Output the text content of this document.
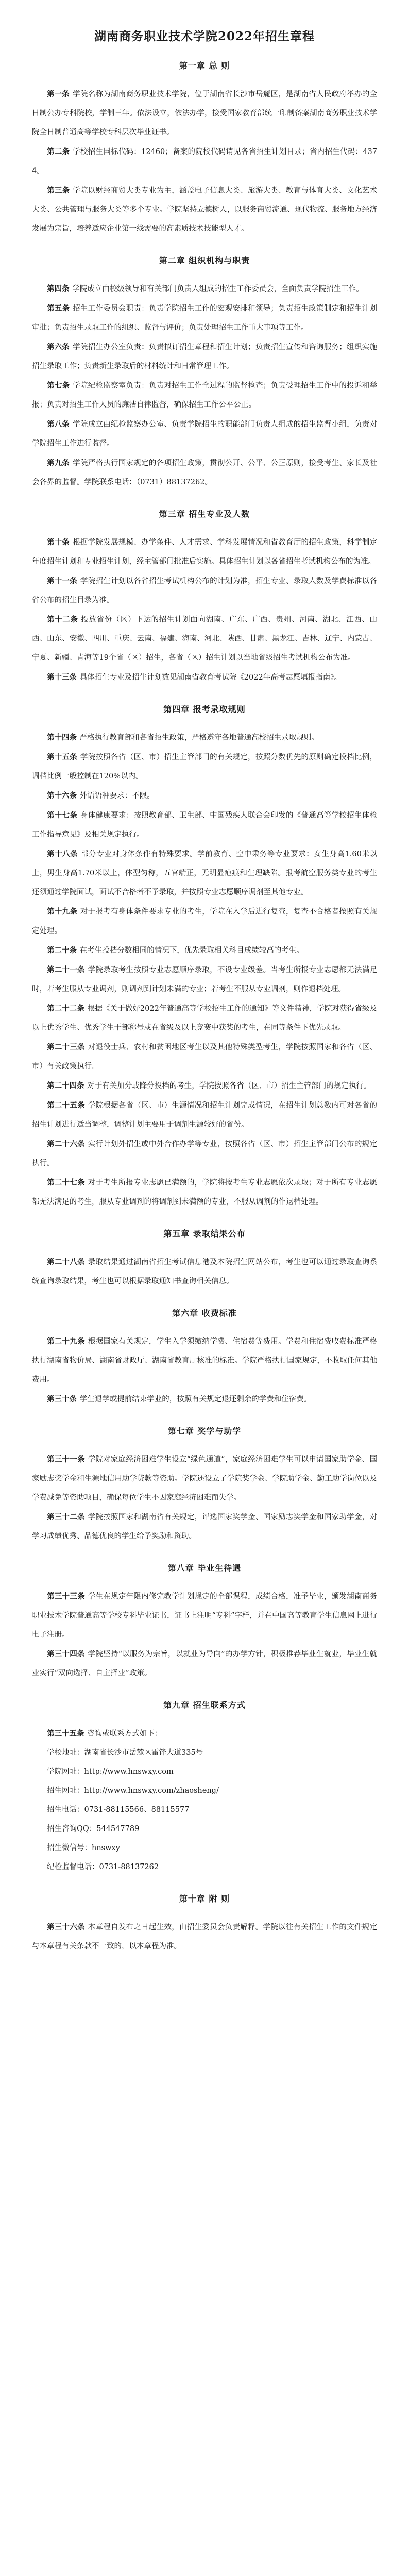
湖南商务职业技术学院2022年招生章程
第一章 总 则

第一条 学院名称为湖南商务职业技术学院，位于湖南省长沙市岳麓区，是湖南省人民政府举办的全日制公办专科院校，学制三年。依法设立，依法办学，接受国家教育部统一印制备案湖南商务职业技术学院全日制普通高等学校专科层次毕业证书。

第二条 学校招生国标代码：12460；备案的院校代码请见各省招生计划目录；省内招生代码：4374。

第三条 学院以财经商贸大类专业为主，涵盖电子信息大类、旅游大类、教育与体育大类、文化艺术大类、公共管理与服务大类等多个专业。学院坚持立德树人，以服务商贸流通、现代物流、服务地方经济发展为宗旨，培养适应企业第一线需要的高素质技术技能型人才。

第二章 组织机构与职责

第四条 学院成立由校级领导和有关部门负责人组成的招生工作委员会，全面负责学院招生工作。

第五条 招生工作委员会职责：负责学院招生工作的宏观安排和领导；负责招生政策制定和招生计划审批；负责招生录取工作的组织、监督与评价；负责处理招生工作重大事项等工作。

第六条 学院招生办公室负责：负责拟订招生章程和招生计划；负责招生宣传和咨询服务；组织实施招生录取工作；负责新生录取后的材料统计和日常管理工作。

第七条 学院纪检监察室负责：负责对招生工作全过程的监督检查；负责受理招生工作中的投诉和举报；负责对招生工作人员的廉洁自律监督，确保招生工作公平公正。

第八条 学院成立由纪检监察办公室、负责学院招生的职能部门负责人组成的招生监督小组，负责对学院招生工作进行监督。

第九条 学院严格执行国家规定的各项招生政策，贯彻公开、公平、公正原则，接受考生、家长及社会各界的监督。学院联系电话：（0731）88137262。

第三章 招生专业及人数

第十条 根据学院发展规模、办学条件、人才需求、学科发展情况和省教育厅的招生政策，科学制定年度招生计划和专业招生计划，经主管部门批准后实施。具体招生计划以各省招生考试机构公布的为准。

第十一条 学院招生计划以各省招生考试机构公布的计划为准，招生专业、录取人数及学费标准以各省公布的招生目录为准。

第十二条 投放省份（区）下达的招生计划面向湖南、广东、广西、贵州、河南、湖北、江西、山西、山东、安徽、四川、重庆、云南、福建、海南、河北、陕西、甘肃、黑龙江、吉林、辽宁、内蒙古、宁夏、新疆、青海等19个省（区）招生，各省（区）招生计划以当地省级招生考试机构公布为准。

第十三条 具体招生专业及招生计划数见湖南省教育考试院《2022年高考志愿填报指南》。

第四章 报考录取规则

第十四条 严格执行教育部和各省招生政策，严格遵守各地普通高校招生录取规则。

第十五条 学院按照各省（区、市）招生主管部门的有关规定，按照分数优先的原则确定投档比例，调档比例一般控制在120%以内。

第十六条 外语语种要求：不限。

第十七条 身体健康要求：按照教育部、卫生部、中国残疾人联合会印发的《普通高等学校招生体检工作指导意见》及相关规定执行。

第十八条 部分专业对身体条件有特殊要求。学前教育、空中乘务等专业要求：女生身高1.60米以上，男生身高1.70米以上，体型匀称，五官端正，无明显疤痕和生理缺陷。报考航空服务类专业的考生还须通过学院面试，面试不合格者不予录取，并按照专业志愿顺序调剂至其他专业。

第十九条 对于报考有身体条件要求专业的考生，学院在入学后进行复查，复查不合格者按照有关规定处理。

第二十条 在考生投档分数相同的情况下，优先录取相关科目成绩较高的考生。

第二十一条 学院录取考生按照专业志愿顺序录取，不设专业级差。当考生所报专业志愿都无法满足时，若考生服从专业调剂，则调剂到计划未满的专业；若考生不服从专业调剂，则作退档处理。

第二十二条 根据《关于做好2022年普通高等学校招生工作的通知》等文件精神，学院对获得省级及以上优秀学生、优秀学生干部称号或在省级及以上竞赛中获奖的考生，在同等条件下优先录取。

第二十三条 对退役士兵、农村和贫困地区考生以及其他特殊类型考生，学院按照国家和各省（区、市）有关政策执行。

第二十四条 对于有关加分或降分投档的考生，学院按照各省（区、市）招生主管部门的规定执行。

第二十五条 学院根据各省（区、市）生源情况和招生计划完成情况，在招生计划总数内可对各省的招生计划进行适当调整，调整计划主要用于调剂生源较好的省份。

第二十六条 实行计划外招生或中外合作办学等专业，按照各省（区、市）招生主管部门公布的规定执行。

第二十七条 对于考生所报专业志愿已满额的，学院将按考生专业志愿依次录取；对于所有专业志愿都无法满足的考生，服从专业调剂的将调剂到未满额的专业，不服从调剂的作退档处理。

第五章 录取结果公布

第二十八条 录取结果通过湖南省招生考试信息港及本院招生网站公布，考生也可以通过录取查询系统查询录取结果，考生也可以根据录取通知书查询相关信息。

第六章 收费标准

第二十九条 根据国家有关规定，学生入学须缴纳学费、住宿费等费用。学费和住宿费收费标准严格执行湖南省物价局、湖南省财政厅、湖南省教育厅核准的标准。学院严格执行国家规定，不收取任何其他费用。

第三十条 学生退学或提前结束学业的，按照有关规定退还剩余的学费和住宿费。

第七章 奖学与助学

第三十一条 学院对家庭经济困难学生设立“绿色通道”，家庭经济困难学生可以申请国家助学金、国家励志奖学金和生源地信用助学贷款等资助。学院还设立了学院奖学金、学院助学金、勤工助学岗位以及学费减免等资助项目，确保每位学生不因家庭经济困难而失学。

第三十二条 学院按照国家和湖南省有关规定，评选国家奖学金、国家励志奖学金和国家助学金，对学习成绩优秀、品德优良的学生给予奖励和资助。

第八章 毕业生待遇

第三十三条 学生在规定年限内修完教学计划规定的全部课程，成绩合格，准予毕业，颁发湖南商务职业技术学院普通高等学校专科毕业证书，证书上注明“专科”字样，并在中国高等教育学生信息网上进行电子注册。

第三十四条 学院坚持“以服务为宗旨，以就业为导向”的办学方针，积极推荐毕业生就业，毕业生就业实行“双向选择、自主择业”政策。

第九章 招生联系方式

第三十五条 咨询或联系方式如下：

学校地址：湖南省长沙市岳麓区雷锋大道335号

学院网址：http://www.hnswxy.com

招生网址：http://www.hnswxy.com/zhaosheng/

招生电话：0731-88115566、88115577

招生咨询QQ：544547789

招生微信号：hnswxy

纪检监督电话：0731-88137262

第十章 附 则

第三十六条 本章程自发布之日起生效，由招生委员会负责解释。学院以往有关招生工作的文件规定与本章程有关条款不一致的，以本章程为准。
